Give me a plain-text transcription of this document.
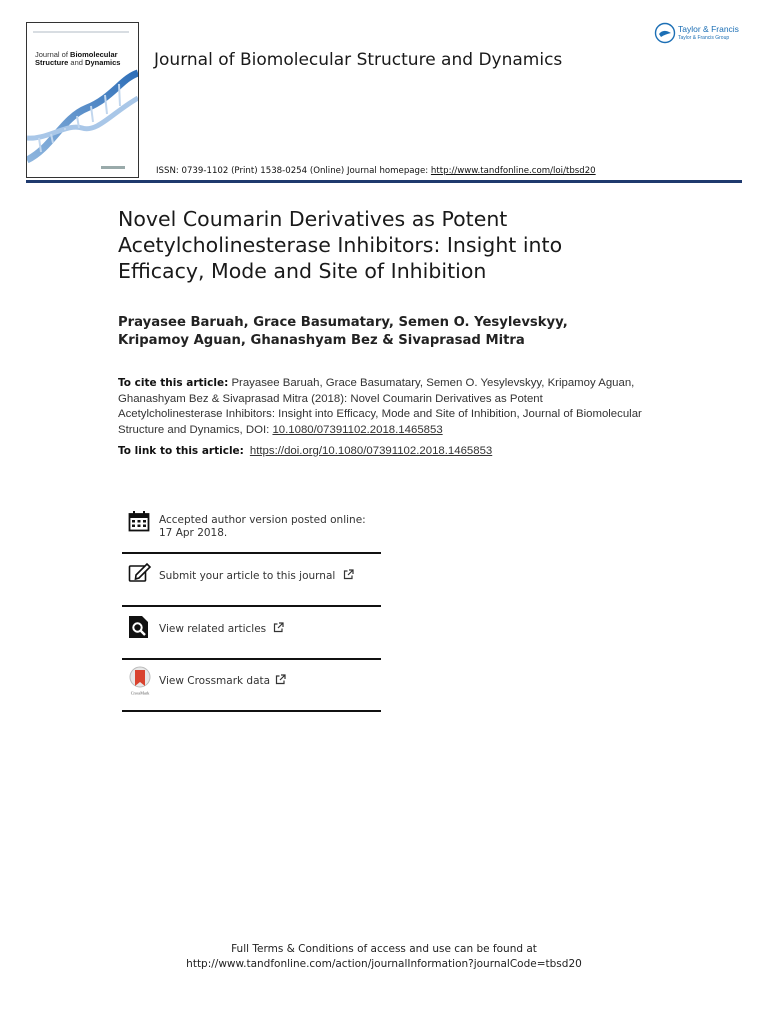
Journal of Biomolecular
Structure and Dynamics Journal of Biomolecular Structure and Dynamics
ISSN: 0739-1102 (Print) 1538-0254 (Online) Journal homepage: http://www.tandfonline.com/loi/tbsd20
Taylor & Francis
Taylor & Francis Group
Novel Coumarin Derivatives as Potent Acetylcholinesterase Inhibitors: Insight into Efficacy, Mode and Site of Inhibition
Prayasee Baruah, Grace Basumatary, Semen O. Yesylevskyy, Kripamoy Aguan, Ghanashyam Bez & Sivaprasad Mitra
To cite this article: Prayasee Baruah, Grace Basumatary, Semen O. Yesylevskyy, Kripamoy Aguan, Ghanashyam Bez & Sivaprasad Mitra (2018): Novel Coumarin Derivatives as Potent Acetylcholinesterase Inhibitors: Insight into Efficacy, Mode and Site of Inhibition, Journal of Biomolecular Structure and Dynamics, DOI: 10.1080/07391102.2018.1465853
To link to this article: https://doi.org/10.1080/07391102.2018.1465853
Accepted author version posted online: 17 Apr 2018.
Submit your article to this journal
View related articles
CrossMark
View Crossmark data
Full Terms & Conditions of access and use can be found at
http://www.tandfonline.com/action/journalInformation?journalCode=tbsd20
